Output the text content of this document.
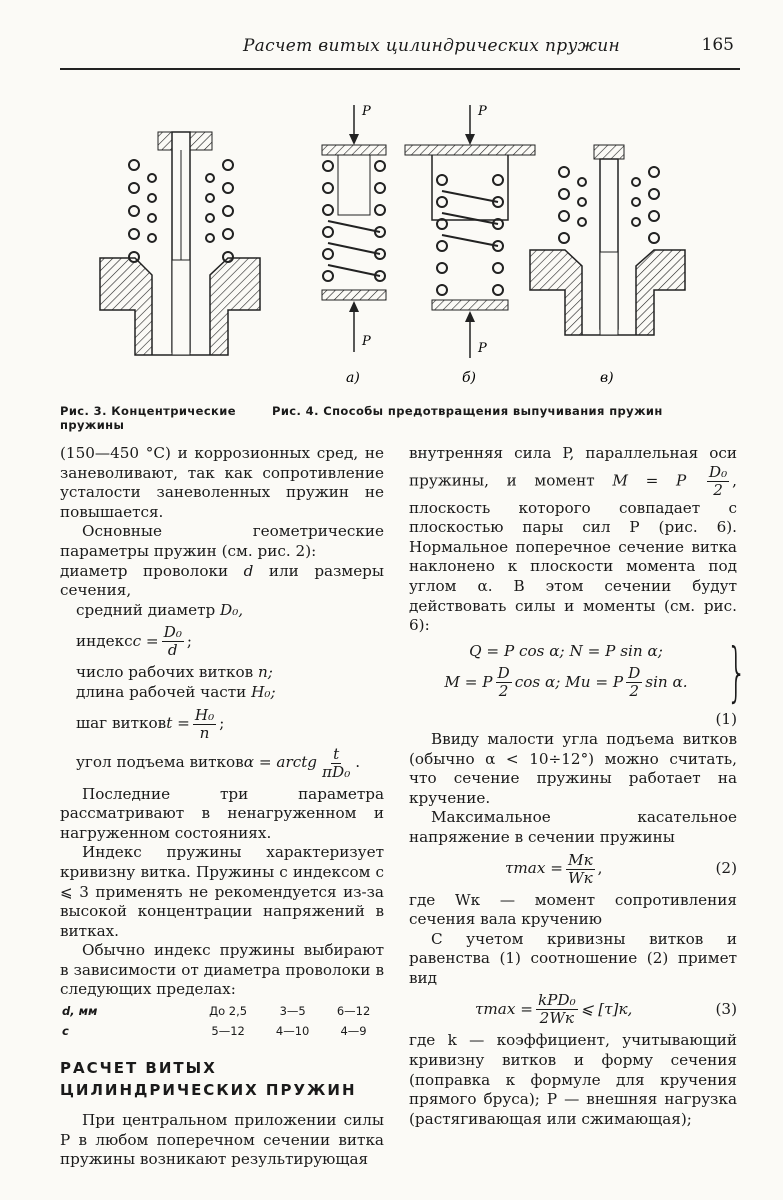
Расчет витых цилиндрических пружин	165
P
P
а)
P
P
б)	в)
Рис. 3. Концентрические пружины
Рис. 4. Способы предотвращения выпучивания пружин

(150—450 °С) и коррозионных сред, не заневоливают, так как сопротивление усталости заневоленных пружин не повышается.

Основные геометрические параметры пружин (см. рис. 2):

диаметр проволоки d или размеры сечения,

средний диаметр D₀,

индекс $c = \frac{\text{D₀}}{d}$ ;

число рабочих витков n;

длина рабочей части H₀;

шаг витков $t = \frac{\text{H₀}}{n}$ ;
угол подъема витков α = arctg $\frac{t}{\text{πD₀}}$ .

Последние три параметра рассматривают в ненагруженном и нагруженном состояниях.

Индекс пружины характеризует кривизну витка. Пружины с индексом c ⩽ 3 применять не рекомендуется из-за высокой концентрации напряжений в витках.

Обычно индекс пружины выбирают в зависимости от диаметра проволоки в следующих пределах:

d, мм	До 2,5	3—5	6—12
c	5—12	4—10	4—9
РАСЧЕТ ВИТЫХ
ЦИЛИНДРИЧЕСКИХ ПРУЖИН

При центральном приложении силы P в любом поперечном сечении витка пружины возникают результирующая

внутренняя сила P, параллельная оси пружины, и момент M = P $\frac{\text{D₀}}{2}$ , плоскость которого совпадает с плоскостью пары сил P (рис. 6). Нормальное поперечное сечение витка наклонено к плоскости момента под углом α. В этом сечении будут действовать силы и моменты (см. рис. 6):

Q = P cos α; N = P sin α;
M = P $\frac{D}{2}$ cos α; Mи = P $\frac{D}{2}$ sin α. }
(1)

Ввиду малости угла подъема витков (обычно α < 10÷12°) можно считать, что сечение пружины работает на кручение.

Максимальное касательное напряжение в сечении пружины

$\tau\max = \frac{Mк}{Wк}$ ,	(2)

где Wк — момент сопротивления сечения вала кручению

С учетом кривизны витков и равенства (1) соотношение (2) примет вид

$\tau\max = \frac{\text{kPD₀}}{2Wк}$ ⩽ [τ]к,	(3)

где k — коэффициент, учитывающий кривизну витков и форму сечения (поправка к формуле для кручения прямого бруса); P — внешняя нагрузка (растягивающая или сжимающая);
